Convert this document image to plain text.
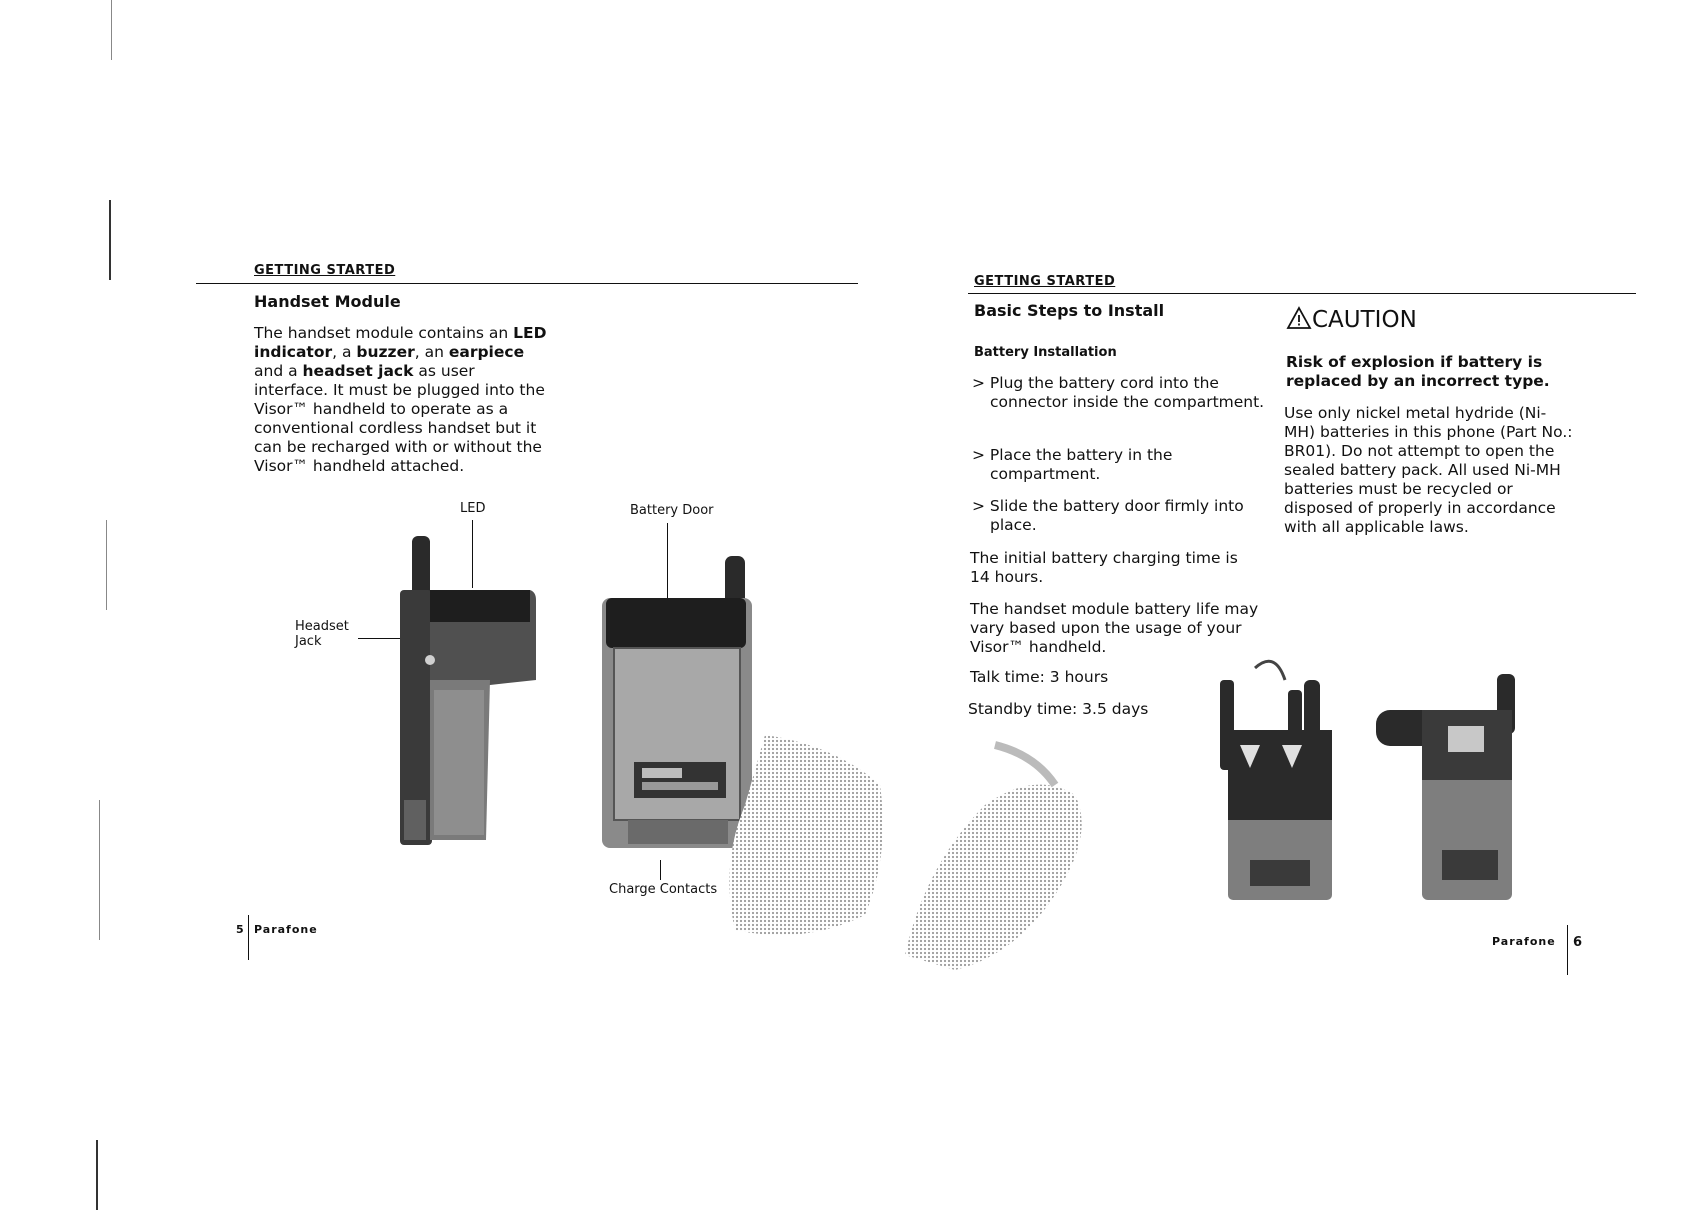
GETTING STARTED
Handset Module
The handset module contains an LED indicator, a buzzer, an earpiece and a headset jack as user interface. It must be plugged into the Visor™ handheld to operate as a conventional cordless handset but it can be recharged with or without the Visor™ handheld attached.
LED
Headset Jack
Battery Door
Charge Contacts
5 Parafone
GETTING STARTED
Basic Steps to Install
Battery Installation
> Plug the battery cord into the connector inside the compartment.
> Place the battery in the compartment.
> Slide the battery door firmly into place.
The initial battery charging time is 14 hours.
The handset module battery life may vary based upon the usage of your Visor™ handheld.
Talk time: 3 hours
Standby time: 3.5 days
CAUTION
Risk of explosion if battery is replaced by an incorrect type.
Use only nickel metal hydride (Ni-MH) batteries in this phone (Part No.: BR01). Do not attempt to open the sealed battery pack. All used Ni-MH batteries must be recycled or disposed of properly in accordance with all applicable laws.
Parafone 6
